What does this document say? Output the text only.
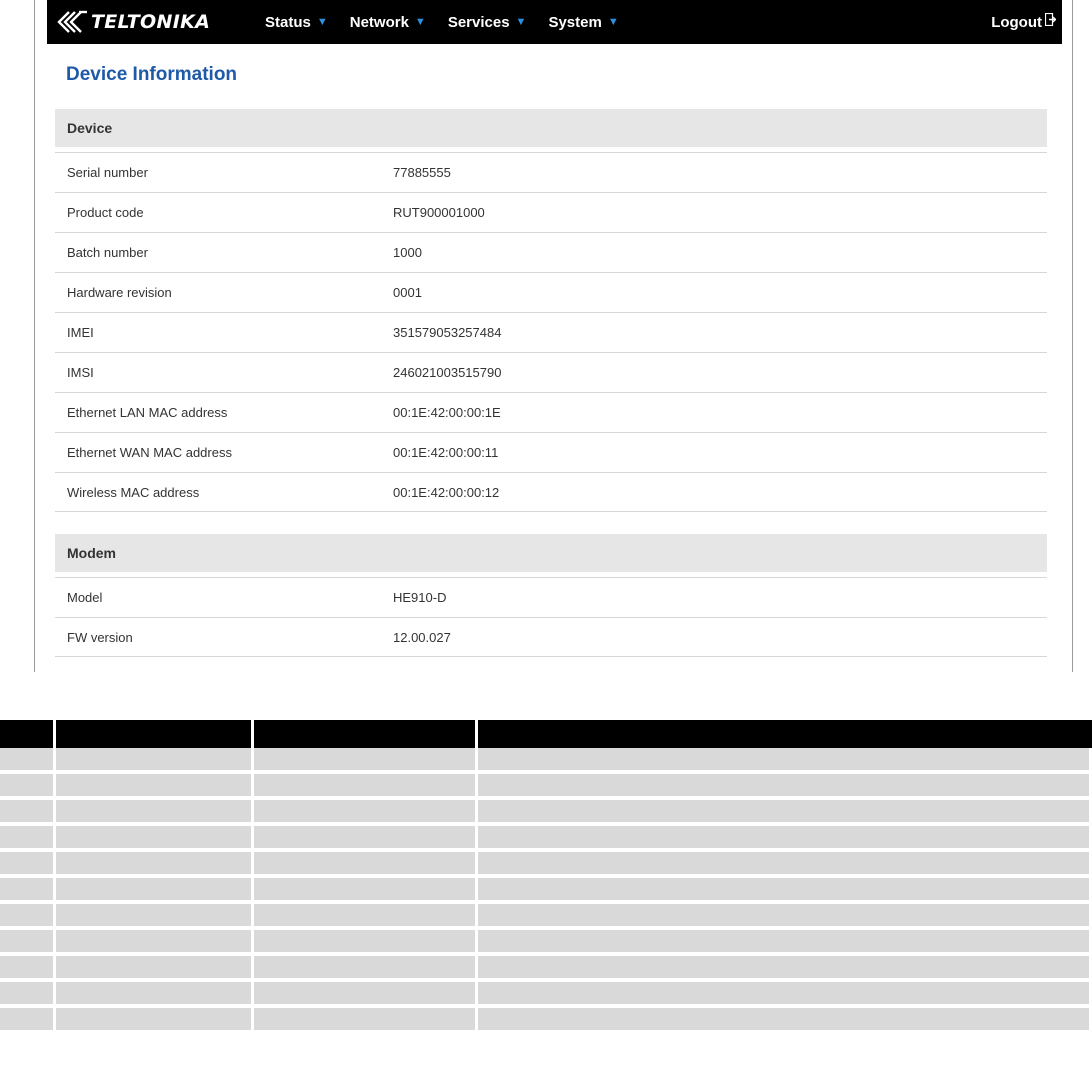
TELTONIKA	Status ▼ Network ▼ Services ▼ System ▼	Logout
Device Information
Device
Serial number	77885555
Product code	RUT900001000
Batch number	1000
Hardware revision	0001
IMEI	351579053257484
IMSI	246021003515790
Ethernet LAN MAC address	00:1E:42:00:00:1E
Ethernet WAN MAC address	00:1E:42:00:00:11
Wireless MAC address	00:1E:42:00:00:12
Modem
Model	HE910-D
FW version	12.00.027
